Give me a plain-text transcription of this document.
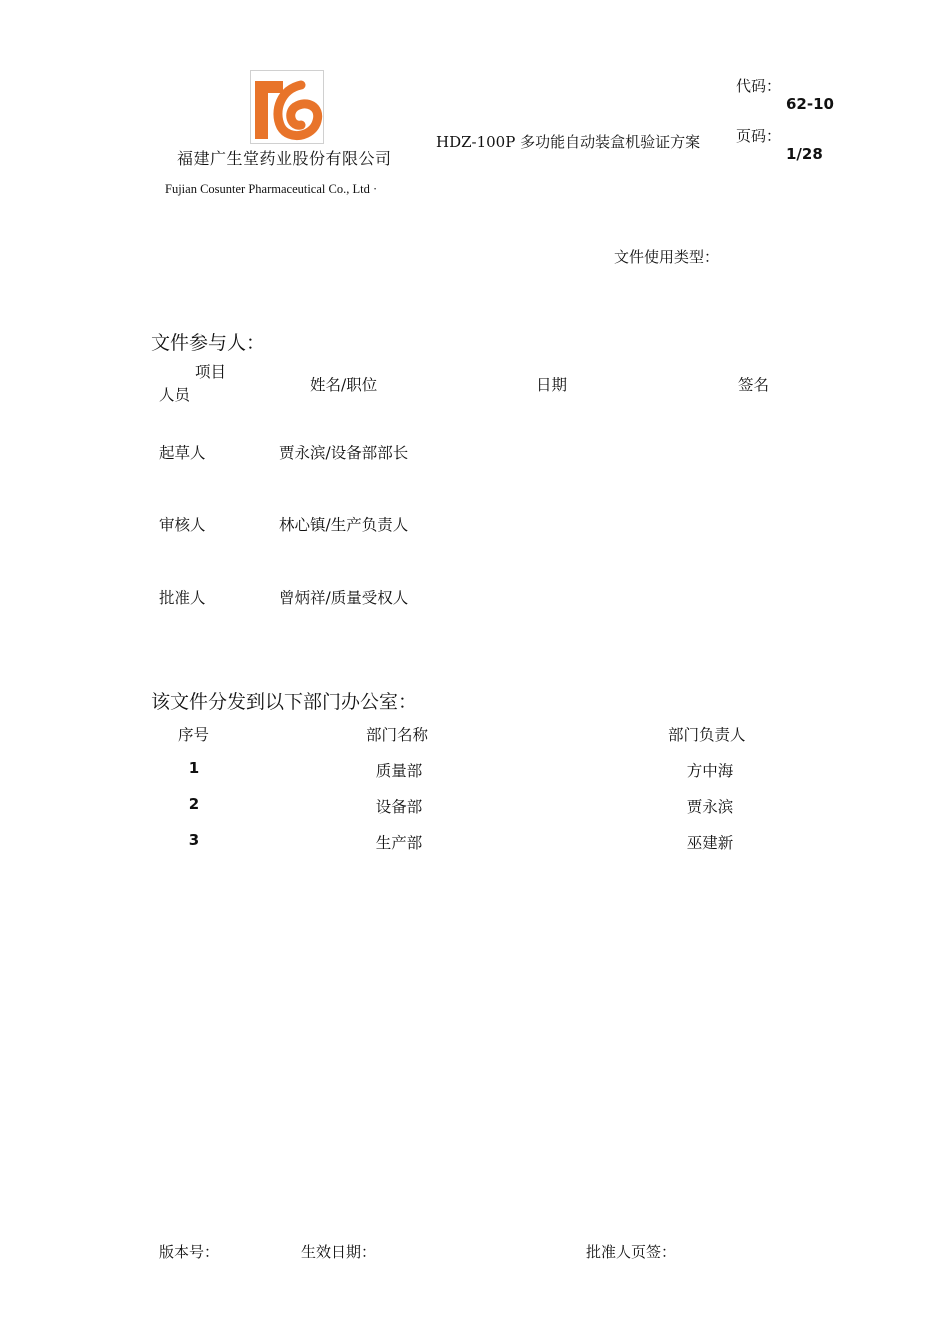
福建广生堂药业股份有限公司
Fujian Cosunter Pharmaceutical Co., Ltd ·
HDZ-100P 多功能自动装盒机验证方案
代码：
62-10
页码：
1/28
文件使用类型：
文件参与人：
项目
人员
姓名/职位	日期	签名
起草人	贾永滨/设备部部长
审核人	林心镇/生产负责人
批准人	曾炳祥/质量受权人
该文件分发到以下部门办公室：
序号	部门名称	部门负责人
1	质量部	方中海
2	设备部	贾永滨
3	生产部	巫建新
版本号：	生效日期：	批准人页签：
